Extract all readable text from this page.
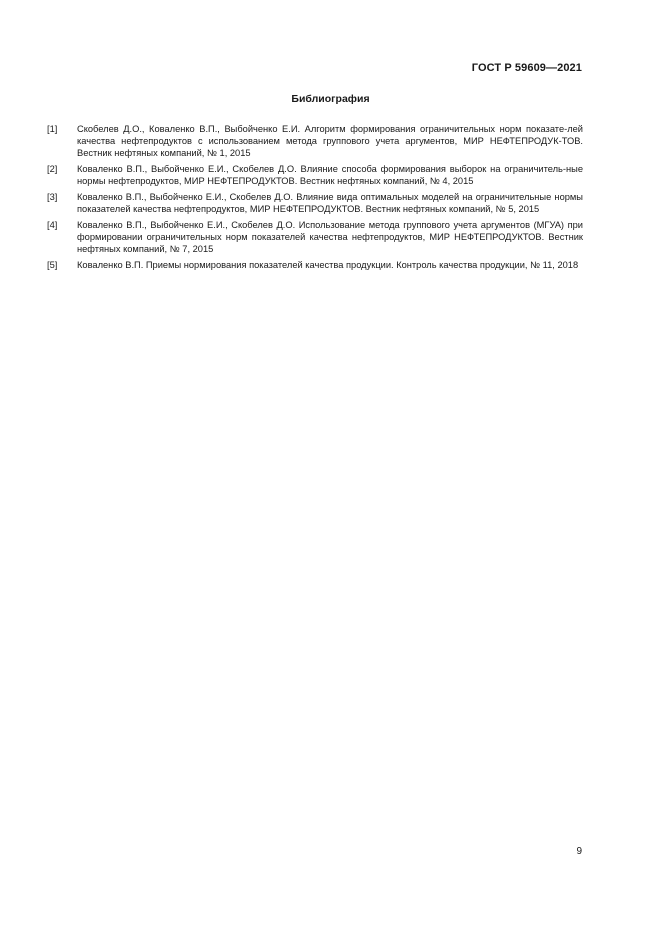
ГОСТ Р 59609—2021
Библиография
[1]	Скобелев Д.О., Коваленко В.П., Выбойченко Е.И. Алгоритм формирования ограничительных норм показате-лей качества нефтепродуктов с использованием метода группового учета аргументов, МИР НЕФТЕПРОДУК-ТОВ. Вестник нефтяных компаний, № 1, 2015
[2]	Коваленко В.П., Выбойченко Е.И., Скобелев Д.О. Влияние способа формирования выборок на ограничитель-ные нормы нефтепродуктов, МИР НЕФТЕПРОДУКТОВ. Вестник нефтяных компаний, № 4, 2015
[3]	Коваленко В.П., Выбойченко Е.И., Скобелев Д.О. Влияние вида оптимальных моделей на ограничительные нормы показателей качества нефтепродуктов, МИР НЕФТЕПРОДУКТОВ. Вестник нефтяных компаний, № 5, 2015
[4]	Коваленко В.П., Выбойченко Е.И., Скобелев Д.О. Использование метода группового учета аргументов (МГУА) при формировании ограничительных норм показателей качества нефтепродуктов, МИР НЕФТЕПРОДУКТОВ. Вестник нефтяных компаний, № 7, 2015
[5]	Коваленко В.П. Приемы нормирования показателей качества продукции. Контроль качества продукции, № 11, 2018
9
